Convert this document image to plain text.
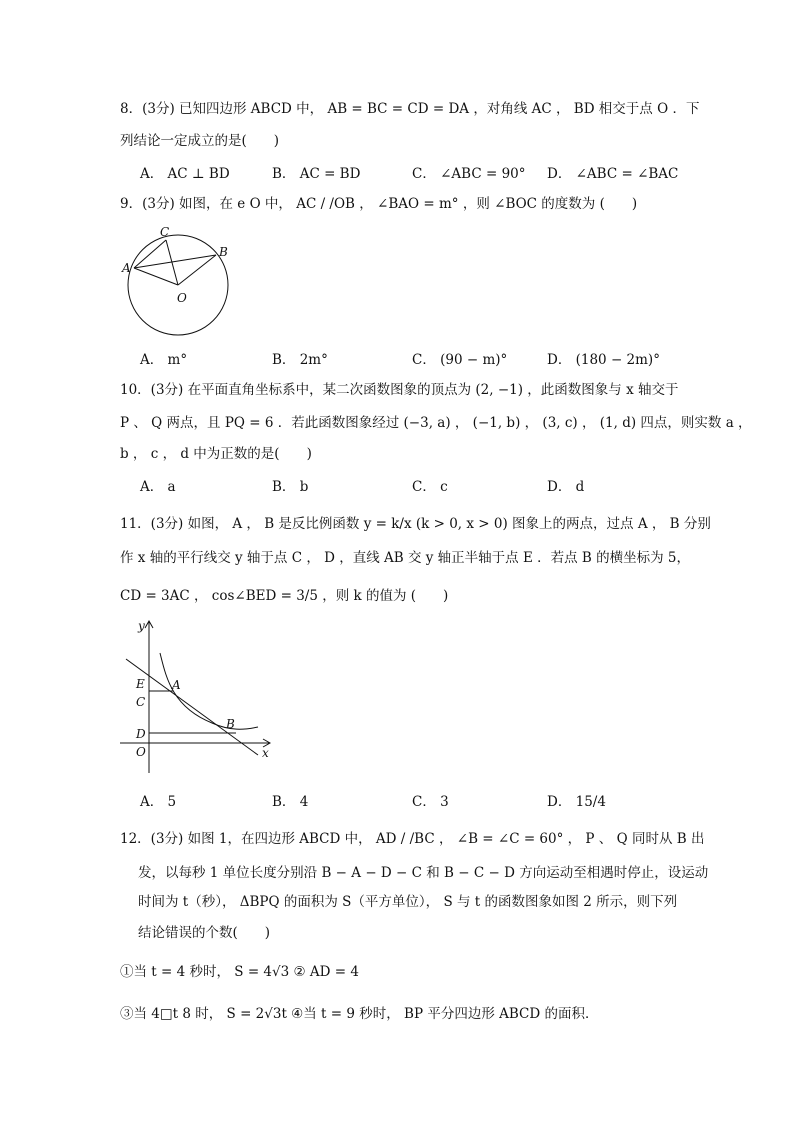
8．(3分) 已知四边形 ABCD 中， AB = BC = CD = DA ，对角线 AC ， BD 相交于点 O ．下
列结论一定成立的是(　　)
A． AC ⊥ BD	B． AC = BD	C． ∠ABC = 90° D． ∠ABC = ∠BAC
9．(3分) 如图，在 e O 中， AC / /OB ， ∠BAO = m° ，则 ∠BOC 的度数为 (　　)
C
B
A
O
A． m°	B． 2m°	C． (90 − m)°	D． (180 − 2m)°
10．(3分) 在平面直角坐标系中，某二次函数图象的顶点为 (2, −1) ，此函数图象与 x 轴交于
P 、 Q 两点，且 PQ = 6 ．若此函数图象经过 (−3, a) ， (−1, b) ， (3, c) ， (1, d) 四点，则实数 a ，
b ， c ， d 中为正数的是(　　)
A． a	B． b	C． c	D． d
11．(3分) 如图， A ， B 是反比例函数 y = k/x (k > 0, x > 0) 图象上的两点，过点 A ， B 分别
作 x 轴的平行线交 y 轴于点 C ， D ，直线 AB 交 y 轴正半轴于点 E ．若点 B 的横坐标为 5，
CD = 3AC ， cos∠BED = 3/5 ，则 k 的值为 (　　)
y
E A
C
D
O
B
x
A． 5	B． 4	C． 3	D． 15/4
12．(3分) 如图 1，在四边形 ABCD 中， AD / /BC ， ∠B = ∠C = 60° ， P 、 Q 同时从 B 出
发，以每秒 1 单位长度分别沿 B − A − D − C 和 B − C − D 方向运动至相遇时停止，设运动
时间为 t（秒）， ΔBPQ 的面积为 S（平方单位）， S 与 t 的函数图象如图 2 所示，则下列
结论错误的个数(　　)
①当 t = 4 秒时， S = 4√3 ② AD = 4
③当 4□t 8 时， S = 2√3t ④当 t = 9 秒时， BP 平分四边形 ABCD 的面积．
